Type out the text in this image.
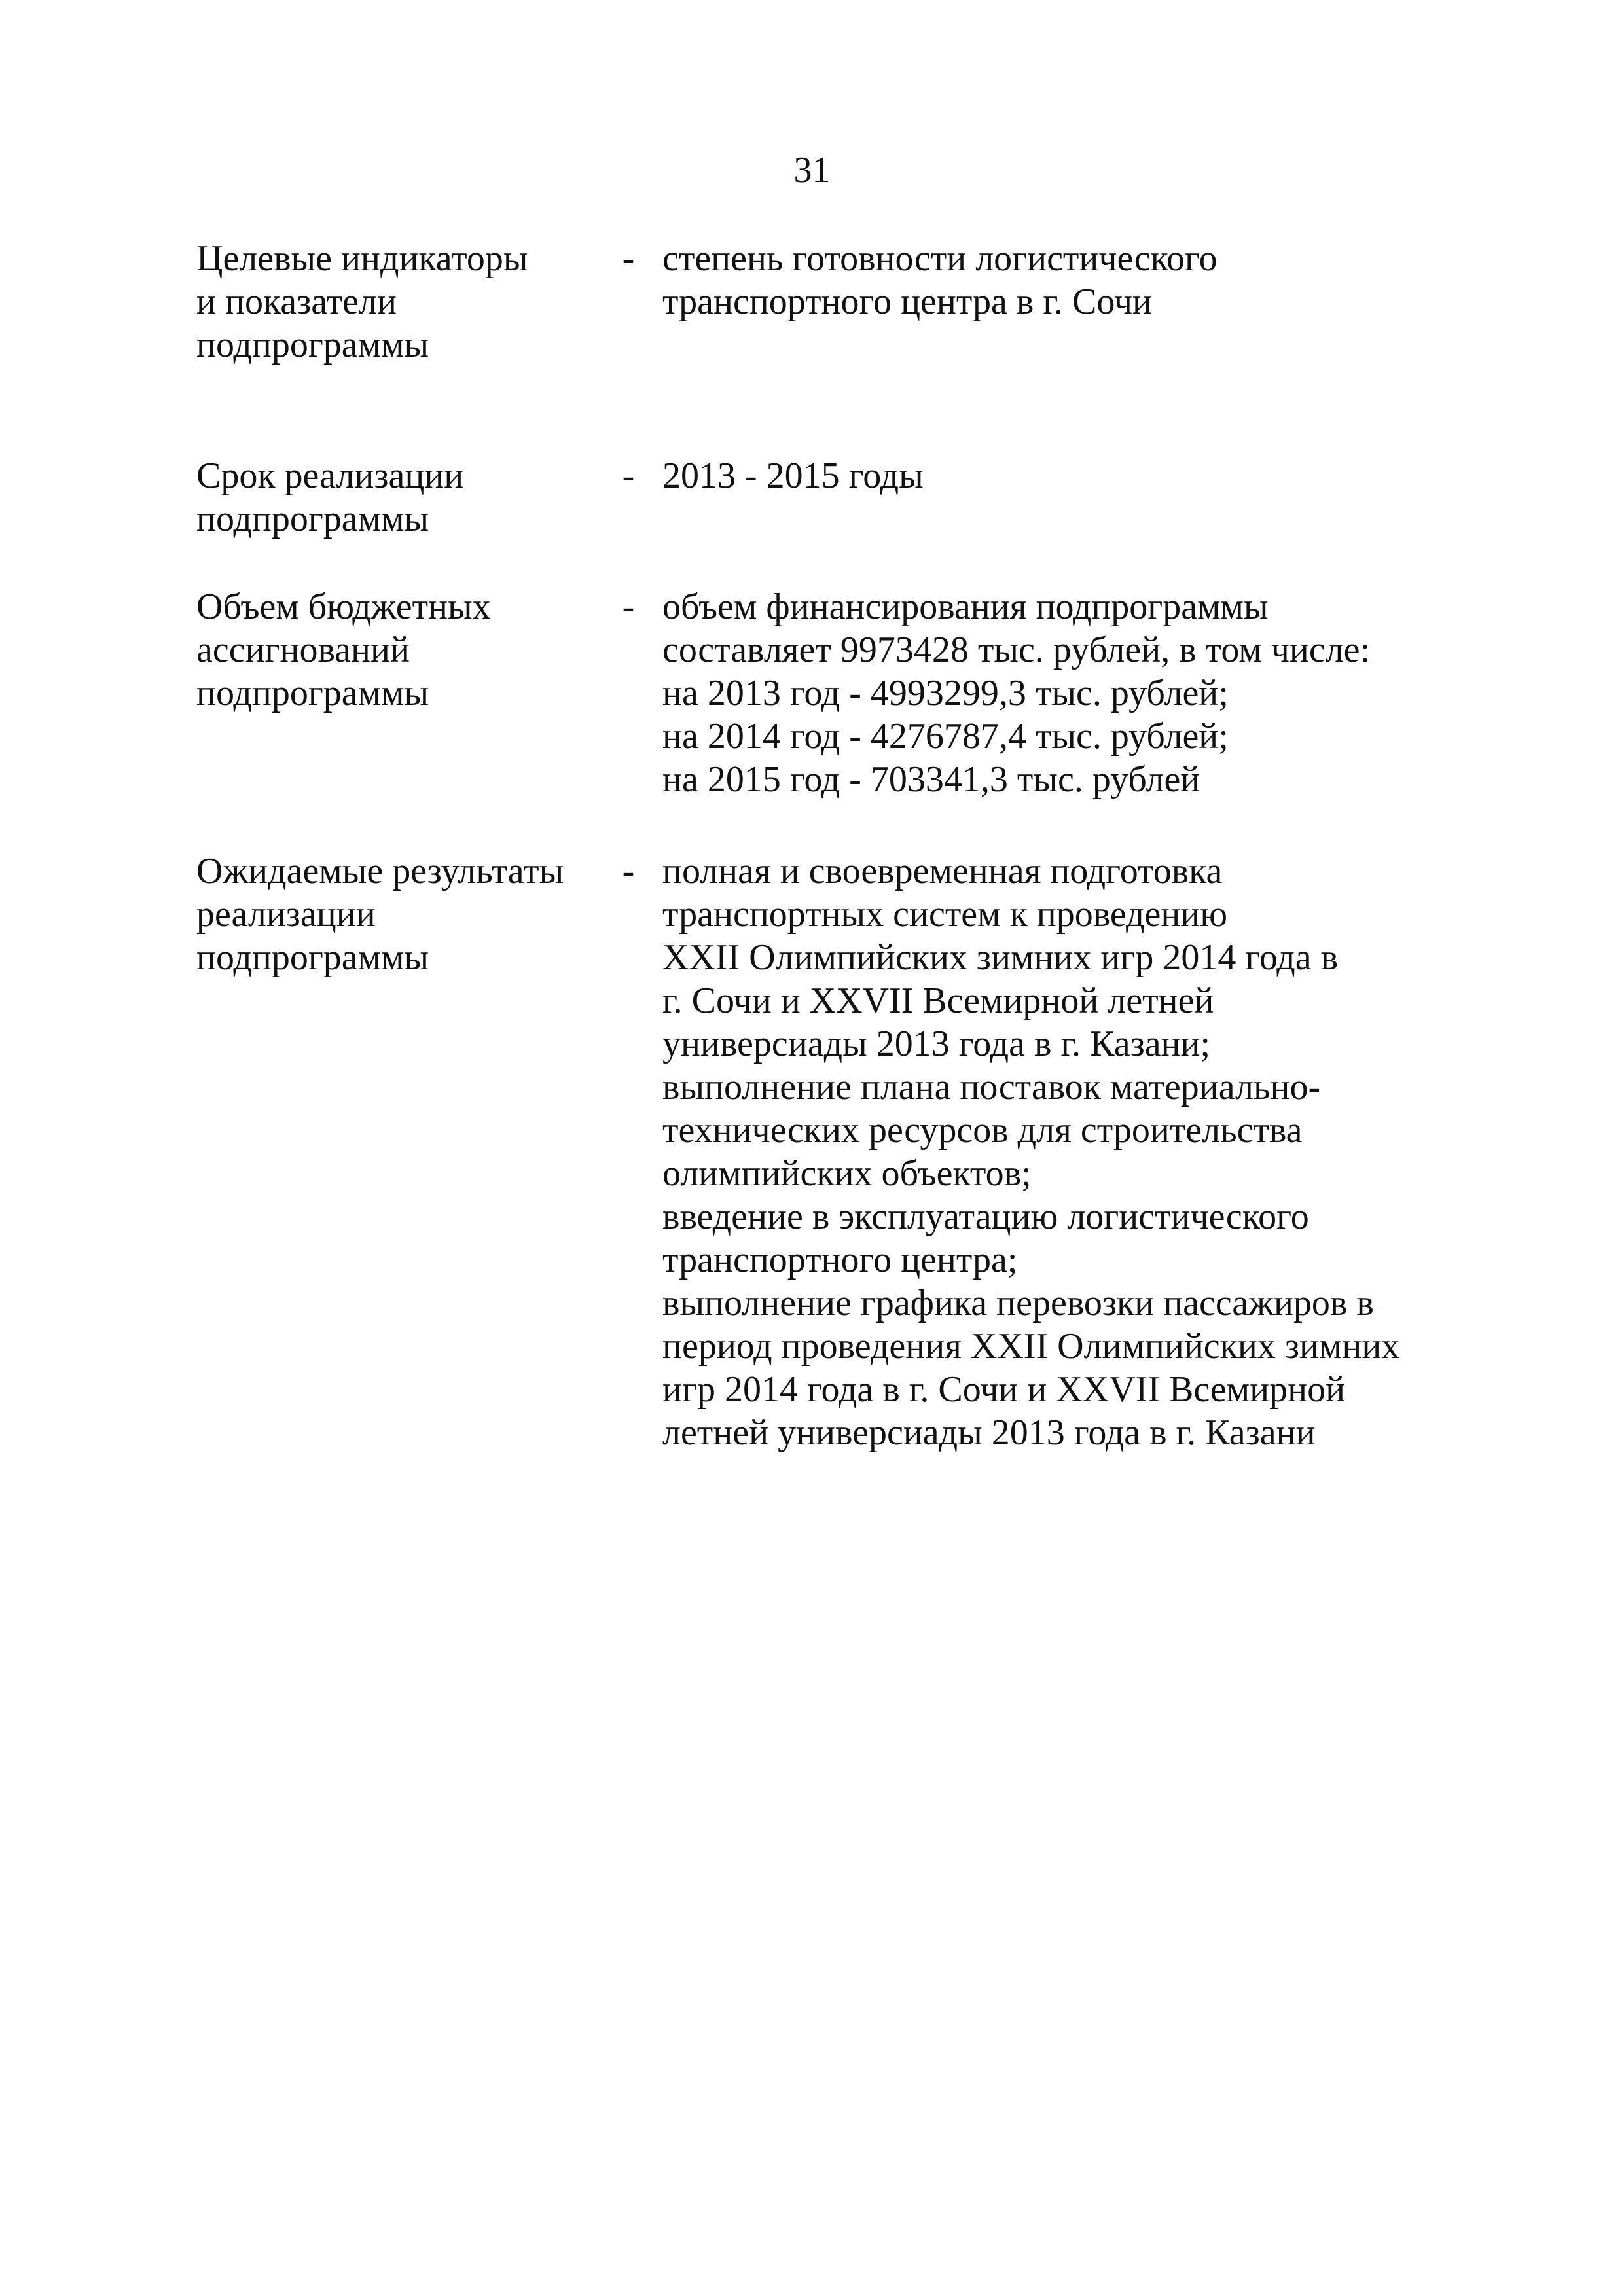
31
Целевые индикаторы
и показатели
подпрограммы
- степень готовности логистического
транспортного центра в г. Сочи
Срок реализации
подпрограммы
- 2013 - 2015 годы
Объем бюджетных
ассигнований
подпрограммы
- объем финансирования подпрограммы
составляет 9973428 тыс. рублей, в том числе:
на 2013 год - 4993299,3 тыс. рублей;
на 2014 год - 4276787,4 тыс. рублей;
на 2015 год - 703341,3 тыс. рублей
Ожидаемые результаты
реализации
подпрограммы
- полная и своевременная подготовка
транспортных систем к проведению
XXII Олимпийских зимних игр 2014 года в
г. Сочи и XXVII Всемирной летней
универсиады 2013 года в г. Казани;
выполнение плана поставок материально-
технических ресурсов для строительства
олимпийских объектов;
введение в эксплуатацию логистического
транспортного центра;
выполнение графика перевозки пассажиров в
период проведения XXII Олимпийских зимних
игр 2014 года в г. Сочи и XXVII Всемирной
летней универсиады 2013 года в г. Казани
